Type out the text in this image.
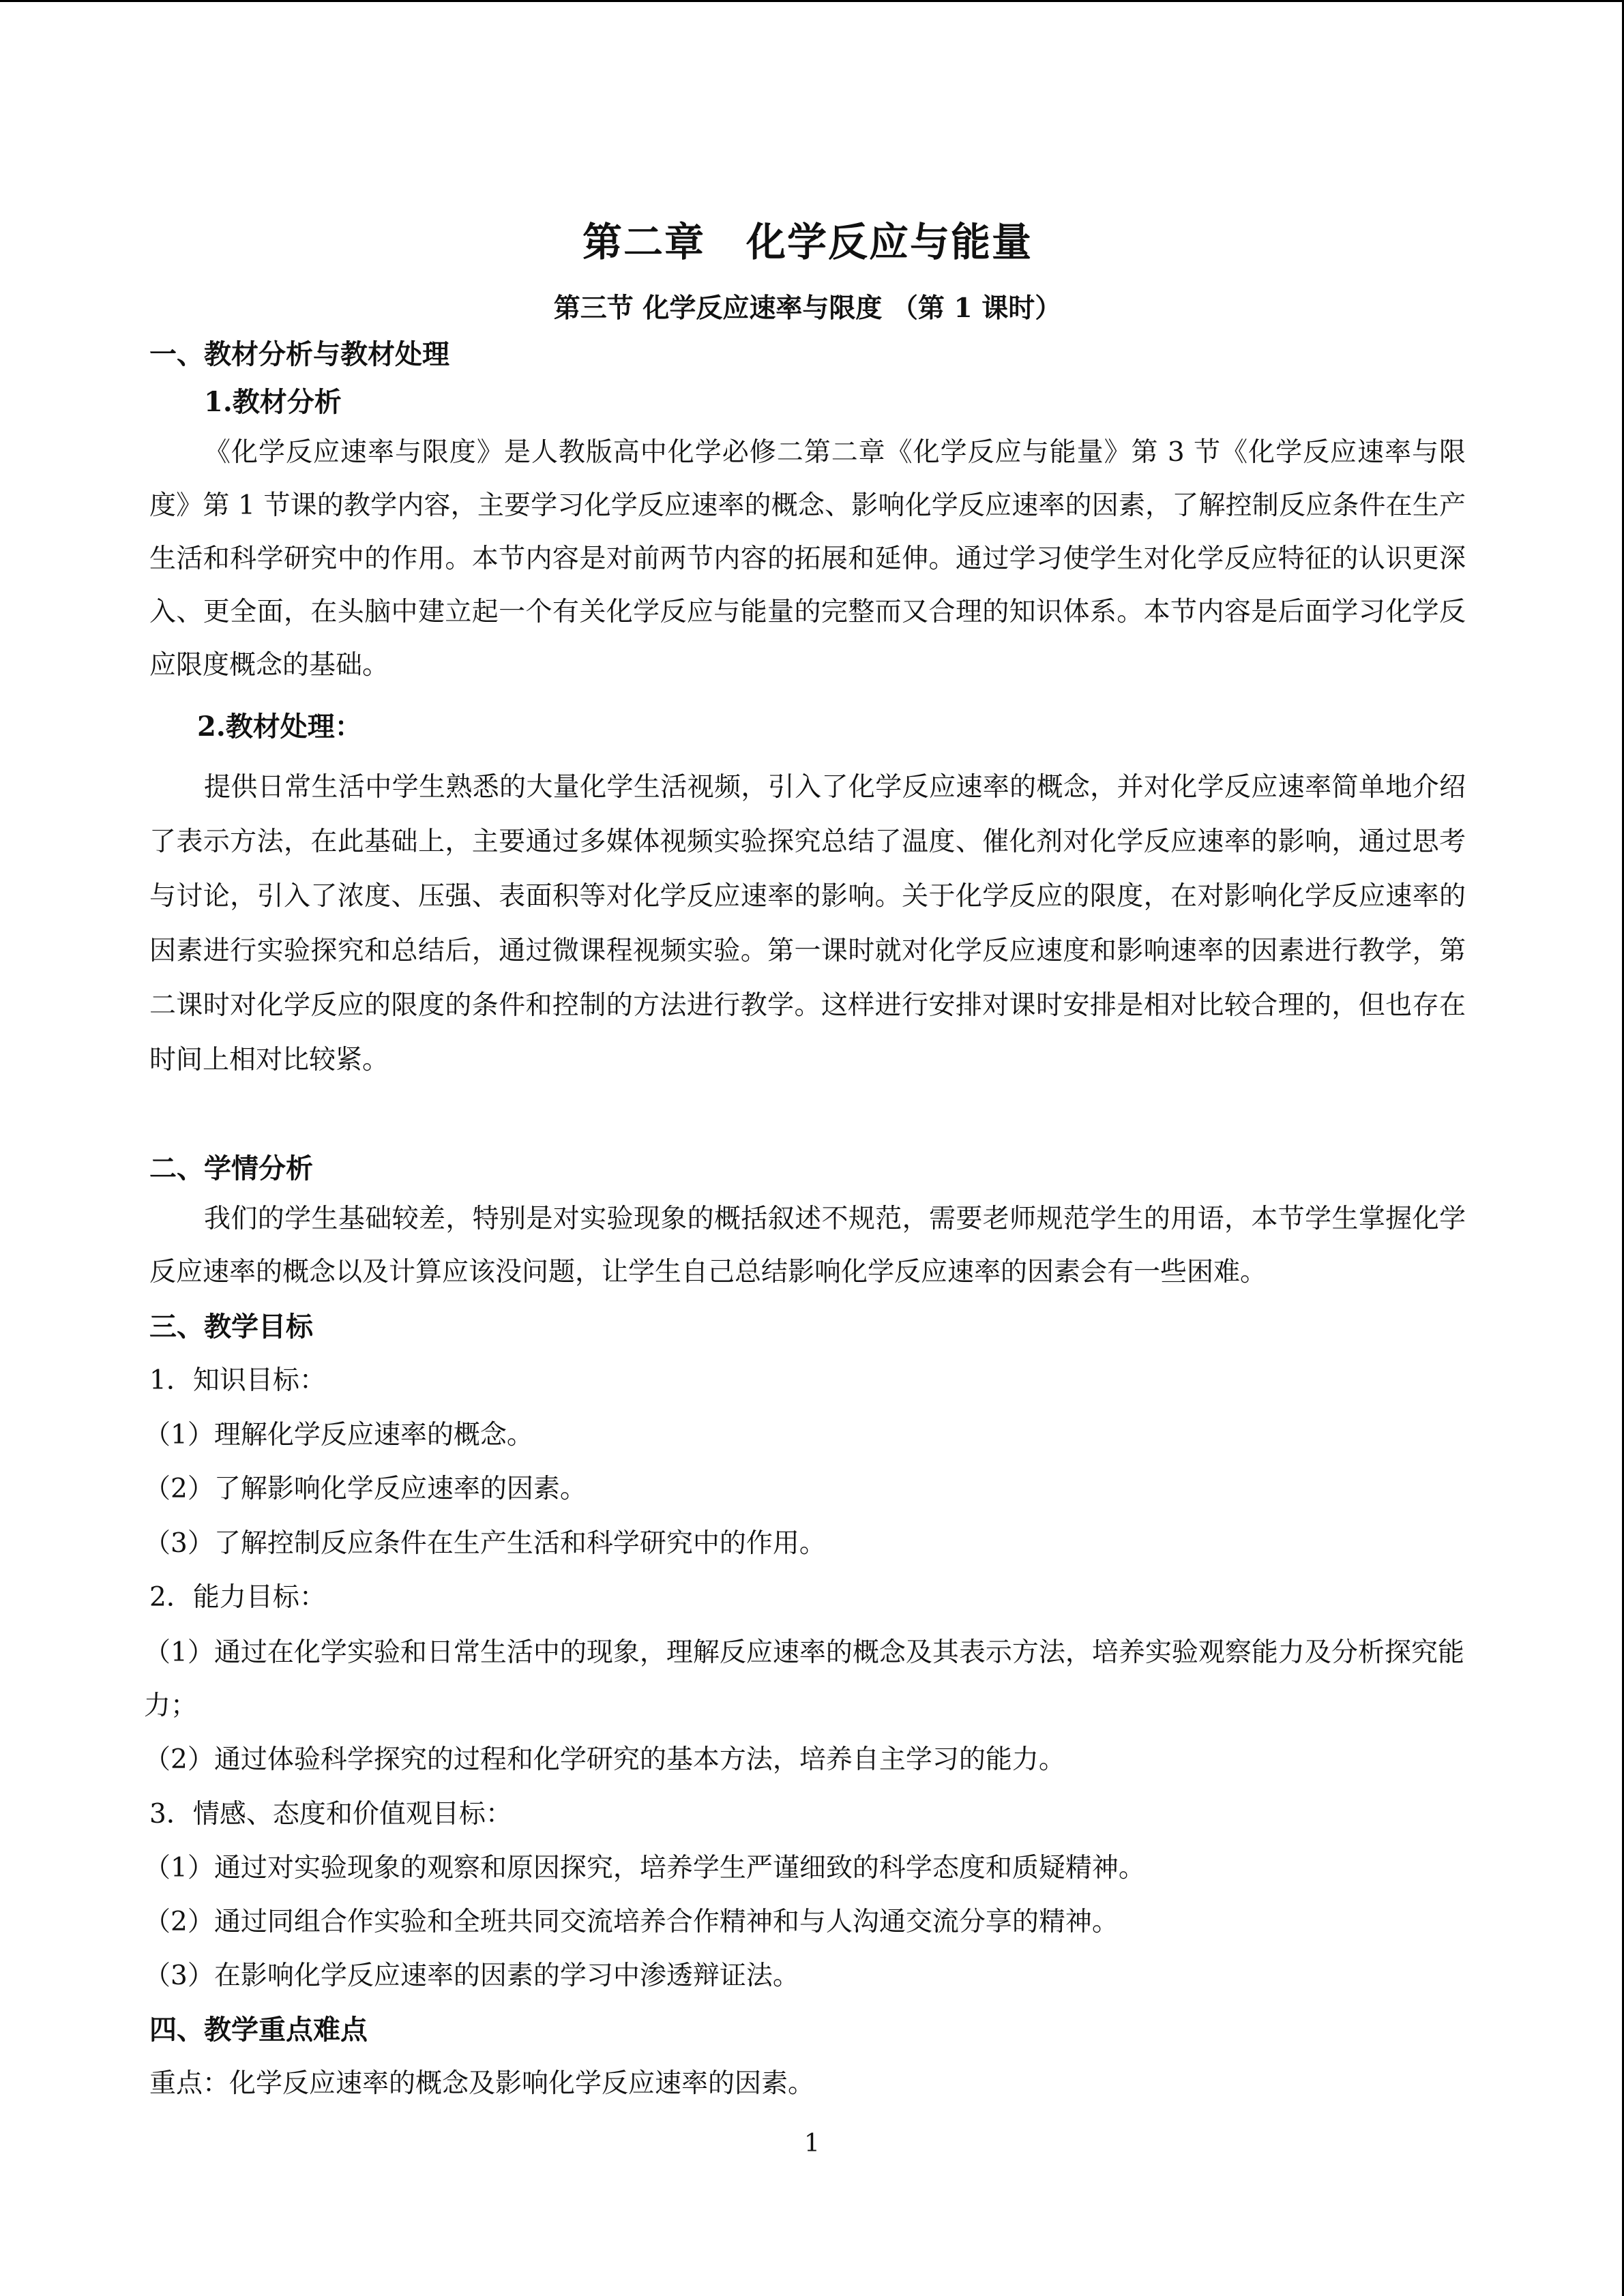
第二章　化学反应与能量
第三节 化学反应速率与限度 （第 1 课时）
一、教材分析与教材处理
1.教材分析
《化学反应速率与限度》是人教版高中化学必修二第二章《化学反应与能量》第 3 节《化学反应速率与限度》第 1 节课的教学内容，主要学习化学反应速率的概念、影响化学反应速率的因素，了解控制反应条件在生产生活和科学研究中的作用。本节内容是对前两节内容的拓展和延伸。通过学习使学生对化学反应特征的认识更深入、更全面，在头脑中建立起一个有关化学反应与能量的完整而又合理的知识体系。本节内容是后面学习化学反应限度概念的基础。
2.教材处理：
提供日常生活中学生熟悉的大量化学生活视频，引入了化学反应速率的概念，并对化学反应速率简单地介绍了表示方法，在此基础上，主要通过多媒体视频实验探究总结了温度、催化剂对化学反应速率的影响，通过思考与讨论，引入了浓度、压强、表面积等对化学反应速率的影响。关于化学反应的限度，在对影响化学反应速率的因素进行实验探究和总结后，通过微课程视频实验。第一课时就对化学反应速度和影响速率的因素进行教学，第二课时对化学反应的限度的条件和控制的方法进行教学。这样进行安排对课时安排是相对比较合理的，但也存在时间上相对比较紧。
二、学情分析
我们的学生基础较差，特别是对实验现象的概括叙述不规范，需要老师规范学生的用语，本节学生掌握化学反应速率的概念以及计算应该没问题，让学生自己总结影响化学反应速率的因素会有一些困难。
三、教学目标
1．知识目标：
（1）理解化学反应速率的概念。
（2）了解影响化学反应速率的因素。
（3）了解控制反应条件在生产生活和科学研究中的作用。
2．能力目标：
（1）通过在化学实验和日常生活中的现象，理解反应速率的概念及其表示方法，培养实验观察能力及分析探究能力；
（2）通过体验科学探究的过程和化学研究的基本方法，培养自主学习的能力。
3．情感、态度和价值观目标：
（1）通过对实验现象的观察和原因探究，培养学生严谨细致的科学态度和质疑精神。
（2）通过同组合作实验和全班共同交流培养合作精神和与人沟通交流分享的精神。
（3）在影响化学反应速率的因素的学习中渗透辩证法。
四、教学重点难点
重点：化学反应速率的概念及影响化学反应速率的因素。
1
